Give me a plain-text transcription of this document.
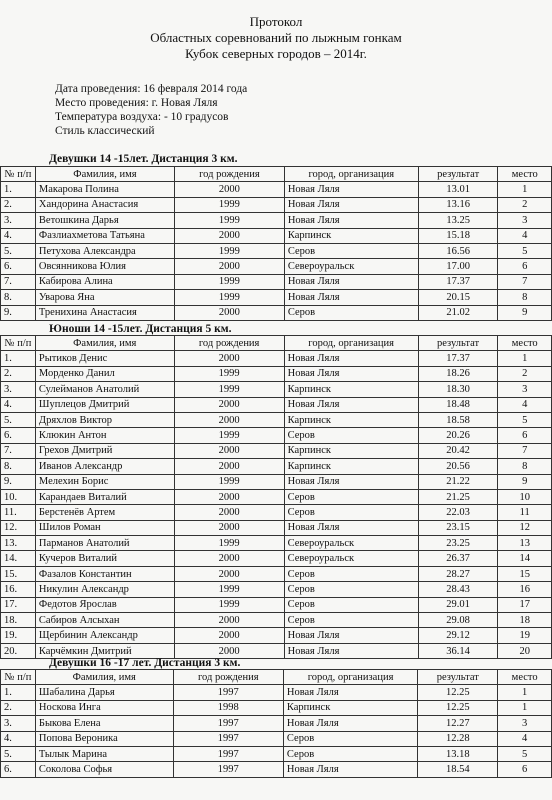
Протокол
Областных соревнований по лыжным гонкам
Кубок северных городов – 2014г.
Дата проведения: 16 февраля 2014 года
Место проведения: г. Новая Ляля
Температура воздуха: - 10 градусов
Стиль классический
Девушки 14 -15лет. Дистанция 3 км.
№ п/п	Фамилия, имя	год рождения	город, организация	результат	место
1.	Макарова Полина	2000	Новая Ляля	13.01	1
2.	Хандорина Анастасия	1999	Новая Ляля	13.16	2
3.	Ветошкина Дарья	1999	Новая Ляля	13.25	3
4.	Фазлиахметова Татьяна	2000	Карпинск	15.18	4
5.	Петухова Александра	1999	Серов	16.56	5
6.	Овсянникова Юлия	2000	Североуральск	17.00	6
7.	Кабирова Алина	1999	Новая Ляля	17.37	7
8.	Уварова Яна	1999	Новая Ляля	20.15	8
9.	Тренихина Анастасия	2000	Серов	21.02	9
Юноши 14 -15лет. Дистанция 5 км.
№ п/п	Фамилия, имя	год рождения	город, организация	результат	место
1.	Рытиков Денис	2000	Новая Ляля	17.37	1
2.	Морденко Данил	1999	Новая Ляля	18.26	2
3.	Сулейманов Анатолий	1999	Карпинск	18.30	3
4.	Шуплецов Дмитрий	2000	Новая Ляля	18.48	4
5.	Дряхлов Виктор	2000	Карпинск	18.58	5
6.	Клюкин Антон	1999	Серов	20.26	6
7.	Грехов Дмитрий	2000	Карпинск	20.42	7
8.	Иванов Александр	2000	Карпинск	20.56	8
9.	Мелехин Борис	1999	Новая Ляля	21.22	9
10.	Карандаев Виталий	2000	Серов	21.25	10
11.	Берстенёв Артем	2000	Серов	22.03	11
12.	Шилов Роман	2000	Новая Ляля	23.15	12
13.	Парманов Анатолий	1999	Североуральск	23.25	13
14.	Кучеров Виталий	2000	Североуральск	26.37	14
15.	Фазалов Константин	2000	Серов	28.27	15
16.	Никулин Александр	1999	Серов	28.43	16
17.	Федотов Ярослав	1999	Серов	29.01	17
18.	Сабиров Алсыхан	2000	Серов	29.08	18
19.	Щербинин Александр	2000	Новая Ляля	29.12	19
20.	Карчёмкин Дмитрий	2000	Новая Ляля	36.14	20
Девушки 16 -17 лет. Дистанция 3 км.
№ п/п	Фамилия, имя	год рождения	город, организация	результат	место
1.	Шабалина Дарья	1997	Новая Ляля	12.25	1
2.	Носкова Инга	1998	Карпинск	12.25	1
3.	Быкова Елена	1997	Новая Ляля	12.27	3
4.	Попова Вероника	1997	Серов	12.28	4
5.	Тылык Марина	1997	Серов	13.18	5
6.	Соколова Софья	1997	Новая Ляля	18.54	6
